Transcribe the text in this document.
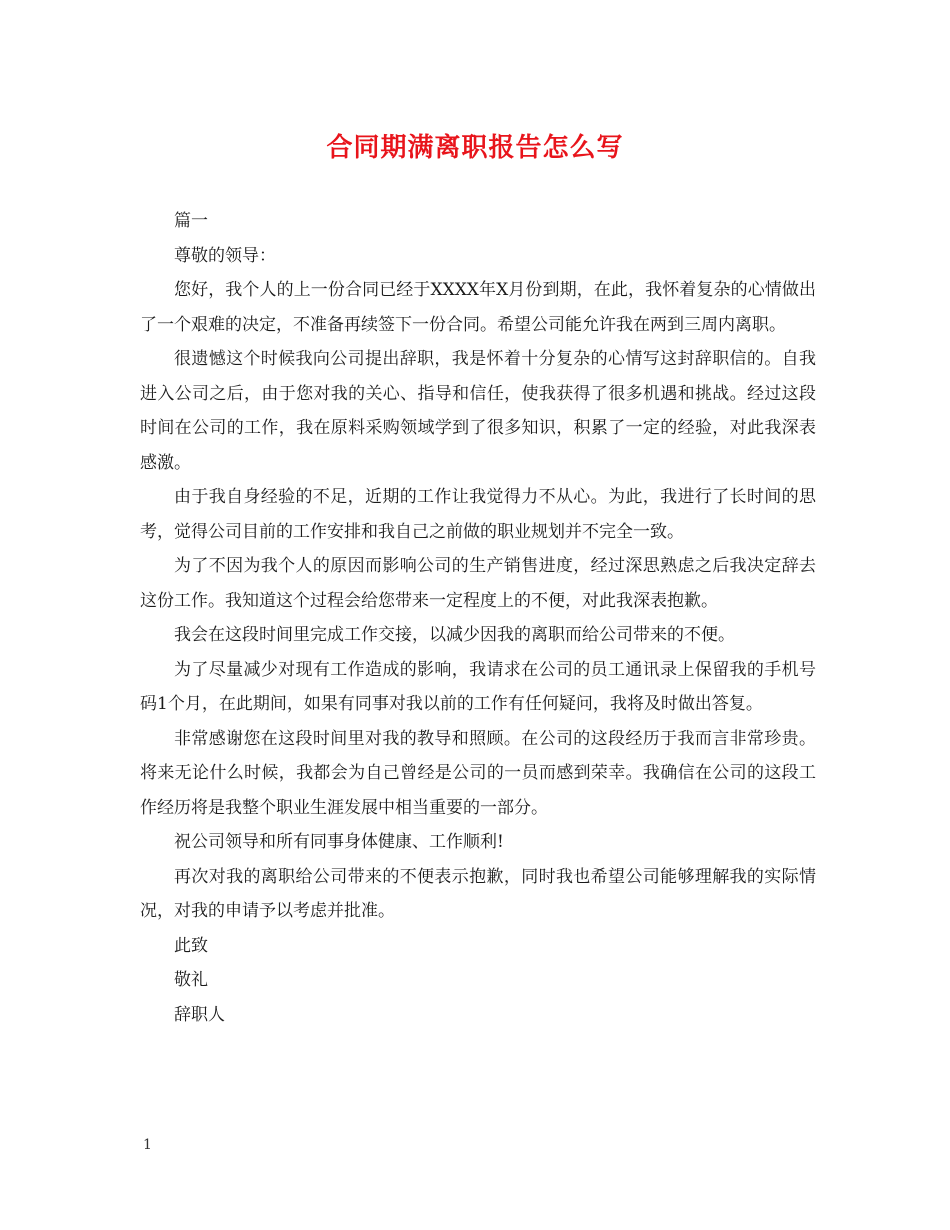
合同期满离职报告怎么写

篇一

尊敬的领导：

您好，我个人的上一份合同已经于XXXX年X月份到期，在此，我怀着复杂的心情做出了一个艰难的决定，不准备再续签下一份合同。希望公司能允许我在两到三周内离职。

很遗憾这个时候我向公司提出辞职，我是怀着十分复杂的心情写这封辞职信的。自我进入公司之后，由于您对我的关心、指导和信任，使我获得了很多机遇和挑战。经过这段时间在公司的工作，我在原料采购领域学到了很多知识，积累了一定的经验，对此我深表感激。

由于我自身经验的不足，近期的工作让我觉得力不从心。为此，我进行了长时间的思考，觉得公司目前的工作安排和我自己之前做的职业规划并不完全一致。

为了不因为我个人的原因而影响公司的生产销售进度，经过深思熟虑之后我决定辞去这份工作。我知道这个过程会给您带来一定程度上的不便，对此我深表抱歉。

我会在这段时间里完成工作交接，以减少因我的离职而给公司带来的不便。

为了尽量减少对现有工作造成的影响，我请求在公司的员工通讯录上保留我的手机号码1个月，在此期间，如果有同事对我以前的工作有任何疑问，我将及时做出答复。

非常感谢您在这段时间里对我的教导和照顾。在公司的这段经历于我而言非常珍贵。将来无论什么时候，我都会为自己曾经是公司的一员而感到荣幸。我确信在公司的这段工作经历将是我整个职业生涯发展中相当重要的一部分。

祝公司领导和所有同事身体健康、工作顺利!

再次对我的离职给公司带来的不便表示抱歉，同时我也希望公司能够理解我的实际情况，对我的申请予以考虑并批准。

此致

敬礼

辞职人

1
